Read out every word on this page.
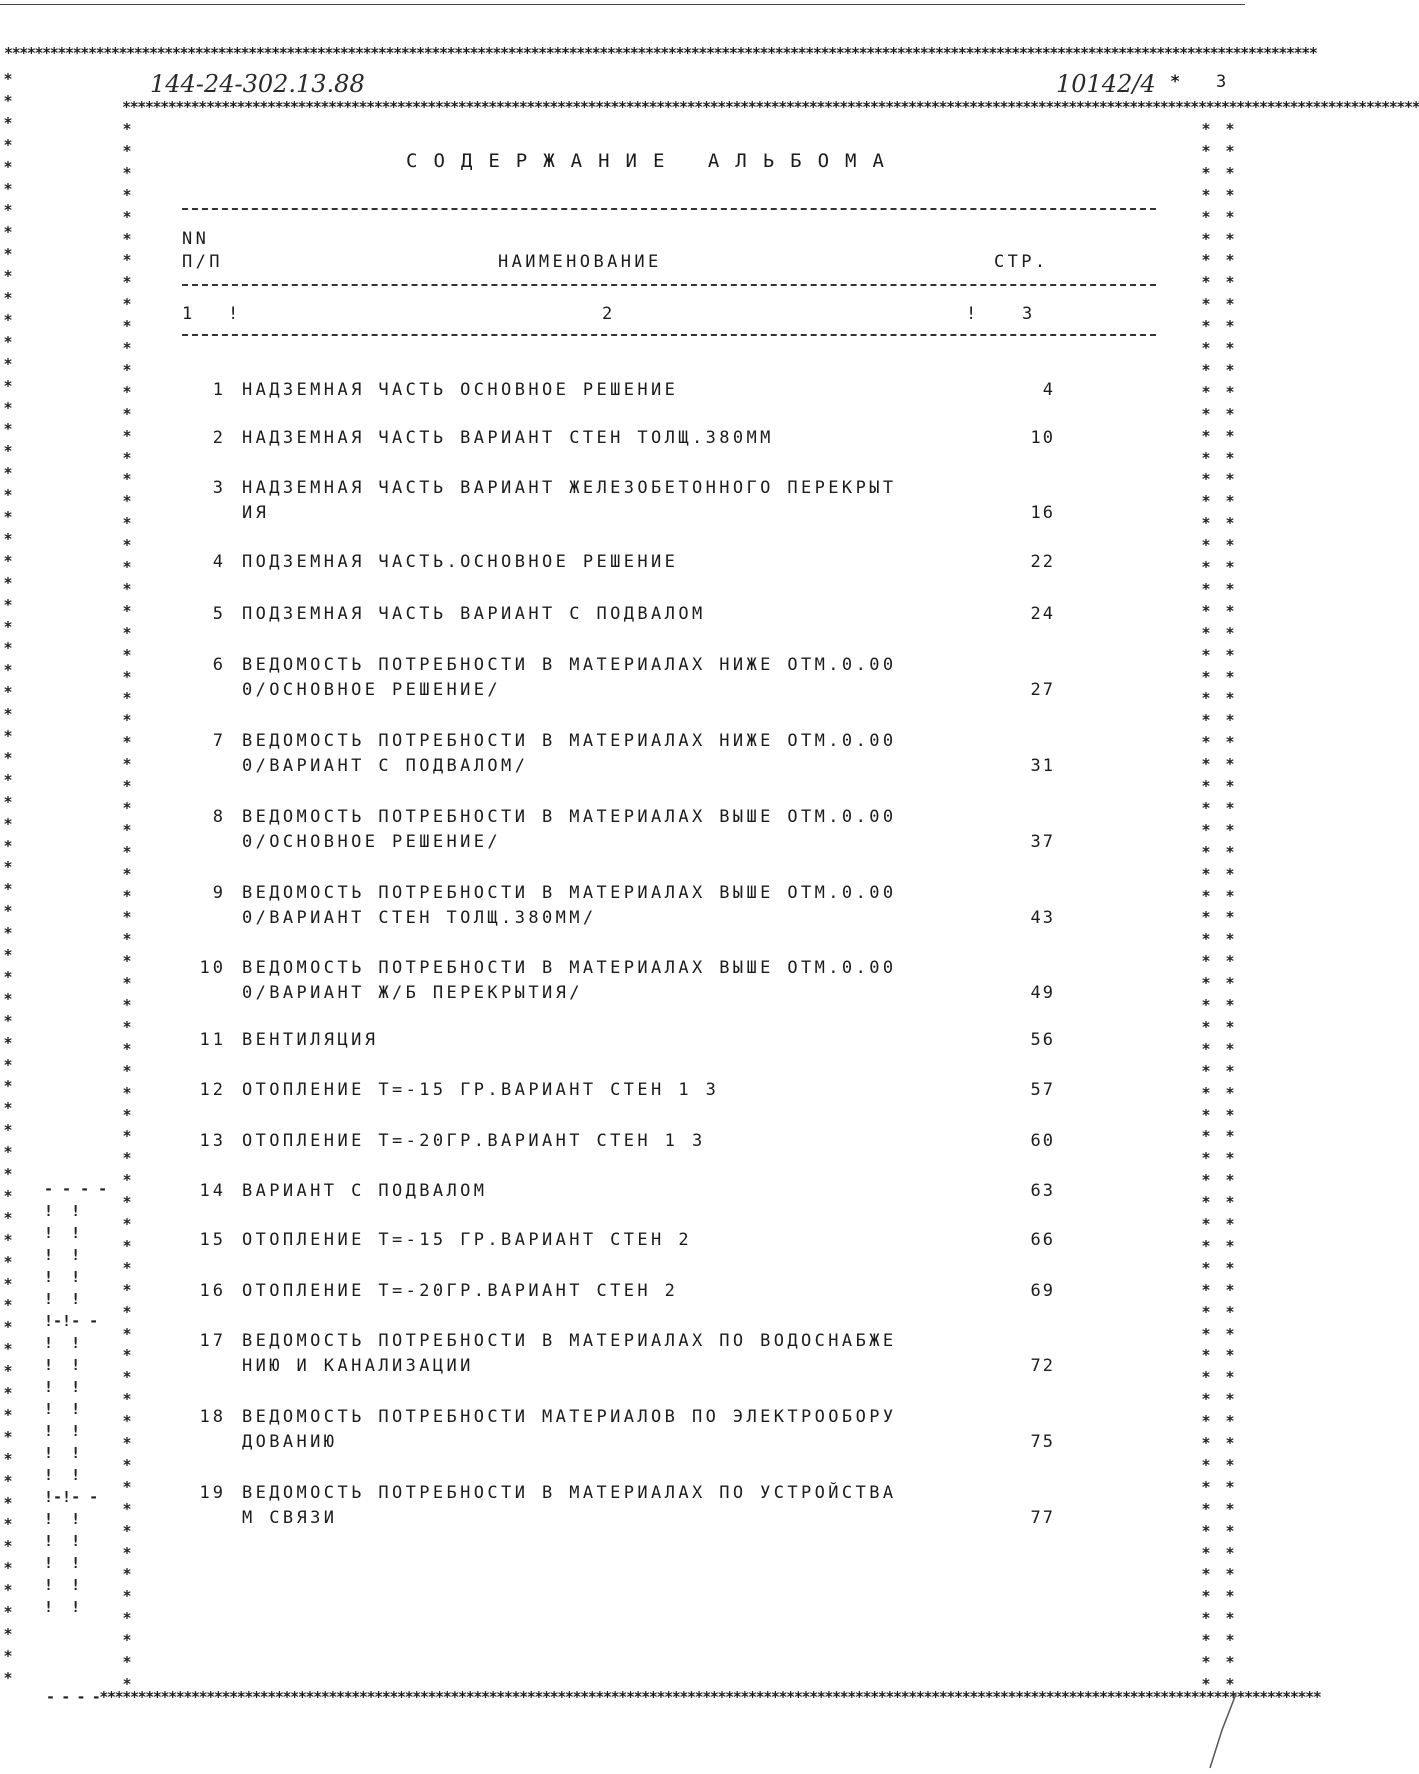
****************************************************************************************************************************************************************************
**************************************************************************************************************************************************************************
- - - -****************************************************************************************************************************************************************
*
*
*
*
*
*
*
*
*
*
*
*
*
*
*
*
*
*
*
*
*
*
*
*
*
*
*
*
*
*
*
*
*
*
*
*
*
*
*
*
*
*
*
*
*
*
*
*
*
*
*
*
*
*
*
*
*
*
*
*
*
*
*
*
*
*
*
*
*
*
*
*
*
*
*
*
*
*
*
*
*
*
*
*
*
*
*
*
*
*
*
*
*
*
*
*
*
*
*
*
*
*
*
*
*
*
*
*
*
*
*
*
*
*
*
*
*
*
*
*
*
*
*
*
*
*
*
*
*
*
*
*
*
*
*
*
*
*
*
*
*
*
*
*
*
*
*
*
*
*
*
*
*
*
*
*
*
*
*
*
*
*
*
*
*
*
*
*
*
*
*
*
*
*
*
*
*
*
*
*
*
*
*
*
*
*
*
*
*
*
*
*
*
*
*
*
*
*
*
*
*
*
*
*
*
*
*
*
*
*
*
*
*
*
*
*
*
*
*
*
*
*
*
*
*
*
*
*
*
*
*
*
*
*
*
*
*
*
*
*
*
*
*
*
*
*
*
*
*
*
*
*
*
*
*
*
*
*
*
*
*
*
*
*
*
*
*
*
*
*
*
*
*
*
*
*
*
*
*
*
*
*
*
*
*
*
*
*
*
*
- - - -
!  !
!  !
!  !
!  !
!  !
!-!- -
!  !
!  !
!  !
!  !
!  !
!  !
!  !
!-!- -
!  !
!  !
!  !
!  !
!  !
144-24-302.13.88	10142/4 * 3
СОДЕРЖАНИЕ АЛЬБОМА
NN
П/П	НАИМЕНОВАНИЕ	СТР.
1 !	2	!	3
1 НАДЗЕМНАЯ ЧАСТЬ ОСНОВНОЕ РЕШЕНИЕ	4
2 НАДЗЕМНАЯ ЧАСТЬ ВАРИАНТ СТЕН ТОЛЩ.380ММ	10
3 НАДЗЕМНАЯ ЧАСТЬ ВАРИАНТ ЖЕЛЕЗОБЕТОННОГО ПЕРЕКРЫТ
ИЯ	16
4 ПОДЗЕМНАЯ ЧАСТЬ.ОСНОВНОЕ РЕШЕНИЕ	22
5 ПОДЗЕМНАЯ ЧАСТЬ ВАРИАНТ С ПОДВАЛОМ	24
6 ВЕДОМОСТЬ ПОТРЕБНОСТИ В МАТЕРИАЛАХ НИЖЕ ОТМ.0.00
0/ОСНОВНОЕ РЕШЕНИЕ/	27
7 ВЕДОМОСТЬ ПОТРЕБНОСТИ В МАТЕРИАЛАХ НИЖЕ ОТМ.0.00
0/ВАРИАНТ С ПОДВАЛОМ/	31
8 ВЕДОМОСТЬ ПОТРЕБНОСТИ В МАТЕРИАЛАХ ВЫШЕ ОТМ.0.00
0/ОСНОВНОЕ РЕШЕНИЕ/	37
9 ВЕДОМОСТЬ ПОТРЕБНОСТИ В МАТЕРИАЛАХ ВЫШЕ ОТМ.0.00
0/ВАРИАНТ СТЕН ТОЛЩ.380ММ/	43
10 ВЕДОМОСТЬ ПОТРЕБНОСТИ В МАТЕРИАЛАХ ВЫШЕ ОТМ.0.00
0/ВАРИАНТ Ж/Б ПЕРЕКРЫТИЯ/	49
11 ВЕНТИЛЯЦИЯ	56
12 ОТОПЛЕНИЕ Т=-15 ГР.ВАРИАНТ СТЕН 1 3	57
13 ОТОПЛЕНИЕ Т=-20ГР.ВАРИАНТ СТЕН 1 3	60
14 ВАРИАНТ С ПОДВАЛОМ	63
15 ОТОПЛЕНИЕ Т=-15 ГР.ВАРИАНТ СТЕН 2	66
16 ОТОПЛЕНИЕ Т=-20ГР.ВАРИАНТ СТЕН 2	69
17 ВЕДОМОСТЬ ПОТРЕБНОСТИ В МАТЕРИАЛАХ ПО ВОДОСНАБЖЕ
НИЮ И КАНАЛИЗАЦИИ	72
18 ВЕДОМОСТЬ ПОТРЕБНОСТИ МАТЕРИАЛОВ ПО ЭЛЕКТРООБОРУ
ДОВАНИЮ	75
19 ВЕДОМОСТЬ ПОТРЕБНОСТИ В МАТЕРИАЛАХ ПО УСТРОЙСТВА
М СВЯЗИ	77
